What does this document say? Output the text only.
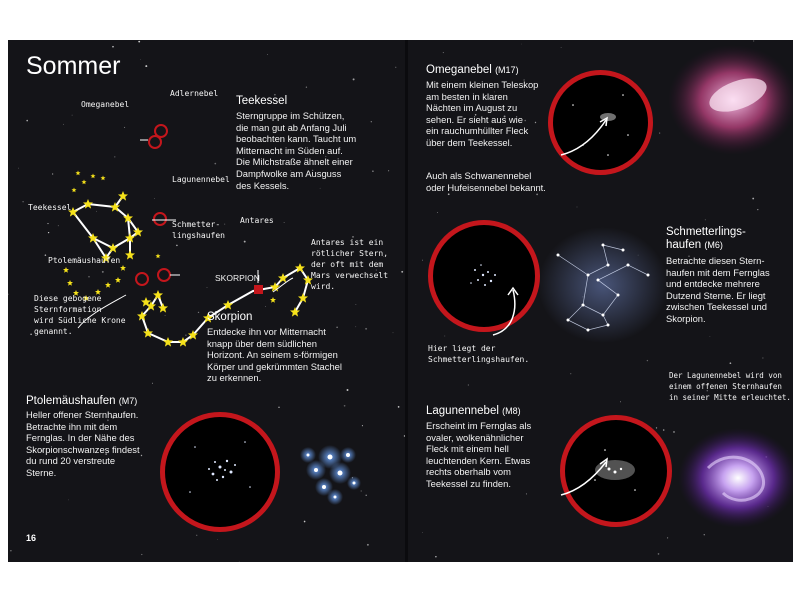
Sommer
Adlernebel
Omeganebel
Lagunennebel
Schmetter-
lingshaufen
Teekessel
Ptolemäushaufen
Antares
SKORPION
Diese gebogene
Sternformation
wird Südliche Krone
genannt.
Antares ist ein
rötlicher Stern,
der oft mit dem
Mars verwechselt
wird.
Teekessel
Sterngruppe im Schützen,
die man gut ab Anfang Juli
beobachten kann. Taucht um
Mitternacht im Süden auf.
Die Milchstraße ähnelt einer
Dampfwolke am Ausguss
des Kessels.
Skorpion
Entdecke ihn vor Mitternacht
knapp über dem südlichen
Horizont. An seinem s-förmigen
Körper und gekrümmten Stachel
zu erkennen.
Ptolemäushaufen (M7)
Heller offener Sternhaufen.
Betrachte ihn mit dem
Fernglas. In der Nähe des
Skorpionschwanzes findest
du rund 20 verstreute
Sterne.
16
Omeganebel (M17)
Mit einem kleinen Teleskop
am besten in klaren
Nächten im August zu
sehen. Er sieht aus wie
ein rauchumhüllter Fleck
über dem Teekessel.
Auch als Schwanennebel
oder Hufeisennebel bekannt.
Hier liegt der
Schmetterlingshaufen.
Schmetterlings-
haufen (M6)
Betrachte diesen Stern-
haufen mit dem Fernglas
und entdecke mehrere
Dutzend Sterne. Er liegt
zwischen Teekessel und
Skorpion.
Der Lagunennebel wird von
einem offenen Sternhaufen
in seiner Mitte erleuchtet.
Lagunennebel (M8)
Erscheint im Fernglas als
ovaler, wolkenähnlicher
Fleck mit einem hell
leuchtenden Kern. Etwas
rechts oberhalb vom
Teekessel zu finden.
